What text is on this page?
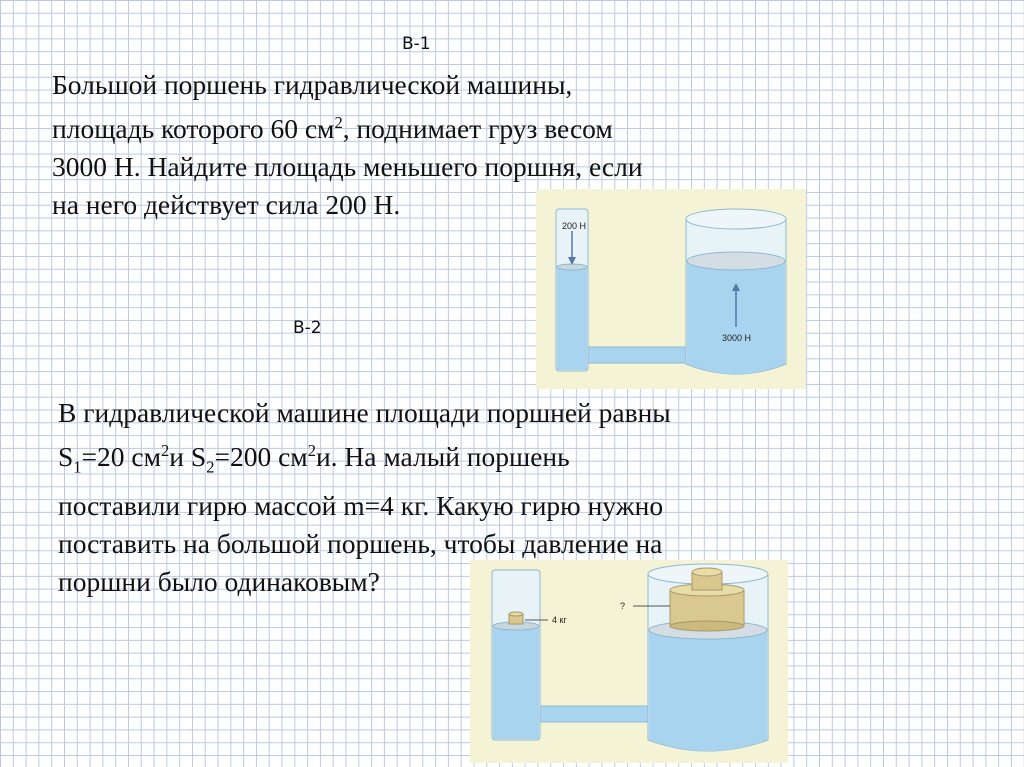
В-1
Большой поршень гидравлической машины,
площадь которого 60 $см^2$, поднимает груз весом
3000 Н. Найдите площадь меньшего поршня, если
на него действует сила 200 Н.
200 Н
3000 Н
В-2
В гидравлической машине площади поршней равны
$S_1=20$ $см^2и$ $S_2=200$ $см^2и$. На малый поршень
поставили гирю массой m=4 кг. Какую гирю нужно
поставить на большой поршень, чтобы давление на
поршни было одинаковым?
4 кг
?
